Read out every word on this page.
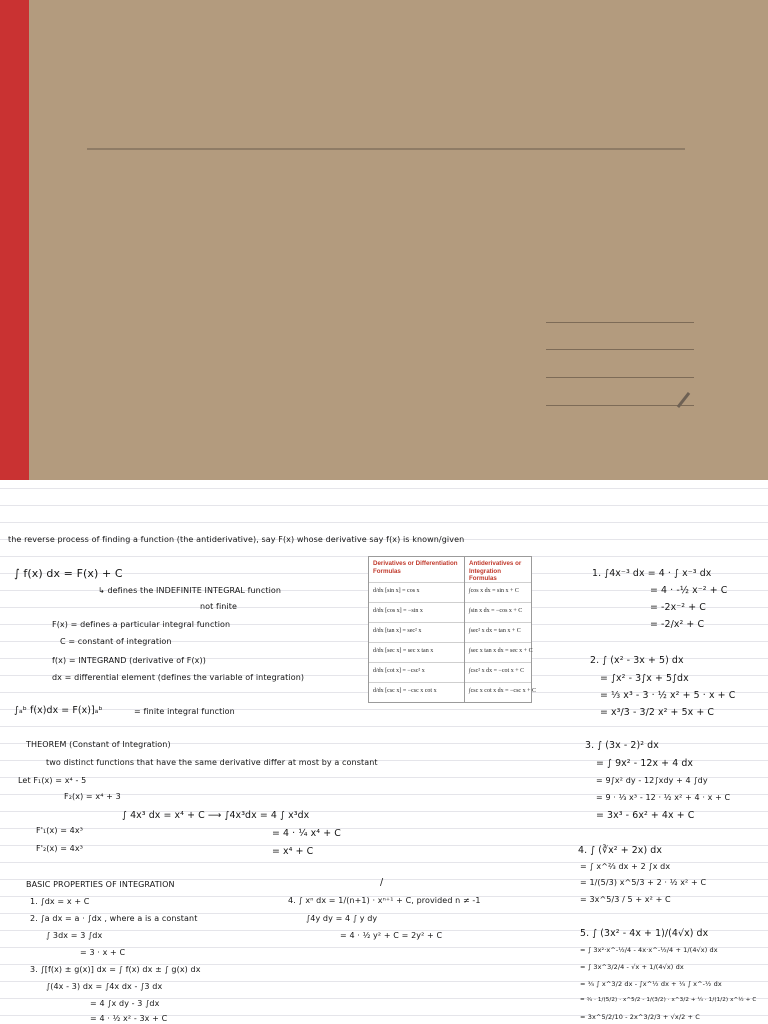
the reverse process of finding a function (the antiderivative), say F(x) whose derivative say f(x) is known/given
∫ f(x) dx = F(x) + C
↳ defines the INDEFINITE INTEGRAL function
not finite
F(x) = defines a particular integral function
C = constant of integration
f(x) = INTEGRAND (derivative of F(x))
dx = differential element (defines the variable of integration)
∫ₐᵇ f(x)dx = F(x)]ₐᵇ	= finite integral function
THEOREM (Constant of Integration)
two distinct functions that have the same derivative differ at most by a constant
Let F₁(x) = x⁴ - 5
F₂(x) = x⁴ + 3
∫ 4x³ dx = x⁴ + C ⟶ ∫4x³dx = 4 ∫ x³dx
= 4 · ¼ x⁴ + C
= x⁴ + C
F'₁(x) = 4x³
F'₂(x) = 4x³
BASIC PROPERTIES OF INTEGRATION	/
1. ∫dx = x + C
2. ∫a dx = a · ∫dx , where a is a constant
∫ 3dx = 3 ∫dx
= 3 · x + C
3. ∫[f(x) ± g(x)] dx = ∫ f(x) dx ± ∫ g(x) dx
∫(4x - 3) dx = ∫4x dx - ∫3 dx
= 4 ∫x dy - 3 ∫dx
= 4 · ½ x² - 3x + C
4. ∫ xⁿ dx = 1/(n+1) · xⁿ⁺¹ + C, provided n ≠ -1
∫4y dy = 4 ∫ y dy
= 4 · ½ y² + C = 2y² + C
Derivatives or Differentiation Formulas
d/dx [sin x] = cos x
d/dx [cos x] = −sin x
d/dx [tan x] = sec² x
d/dx [sec x] = sec x tan x
d/dx [cot x] = −csc² x
d/dx [csc x] = −csc x cot x
Antiderivatives or Integration Formulas
∫cos x dx = sin x + C
∫sin x dx = −cos x + C
∫sec² x dx = tan x + C
∫sec x tan x dx = sec x + C
∫csc² x dx = −cot x + C
∫csc x cot x dx = −csc x + C
1. ∫4x⁻³ dx = 4 · ∫ x⁻³ dx
= 4 · -½ x⁻² + C
= -2x⁻² + C
= -2/x² + C
2. ∫ (x² - 3x + 5) dx
= ∫x² - 3∫x + 5∫dx
= ⅓ x³ - 3 · ½ x² + 5 · x + C
= x³/3 - 3/2 x² + 5x + C
3. ∫ (3x - 2)² dx
= ∫ 9x² - 12x + 4 dx
= 9∫x² dy - 12∫xdy + 4 ∫dy
= 9 · ⅓ x³ - 12 · ½ x² + 4 · x + C
= 3x³ - 6x² + 4x + C
4. ∫ (∛x² + 2x) dx
= ∫ x^⅔ dx + 2 ∫x dx
= 1/(5/3) x^5/3 + 2 · ½ x² + C
= 3x^5/3 / 5 + x² + C
5. ∫ (3x² - 4x + 1)/(4√x) dx
= ∫ 3x²·x^-½/4 - 4x·x^-½/4 + 1/(4√x) dx
= ∫ 3x^3/2/4 - √x + 1/(4√x) dx
= ¾ ∫ x^3/2 dx - ∫x^½ dx + ¼ ∫ x^-½ dx
= ¾ · 1/(5/2) · x^5/2 - 1/(3/2) · x^3/2 + ¼ · 1/(1/2) x^½ + C
= 3x^5/2/10 - 2x^3/2/3 + √x/2 + C
